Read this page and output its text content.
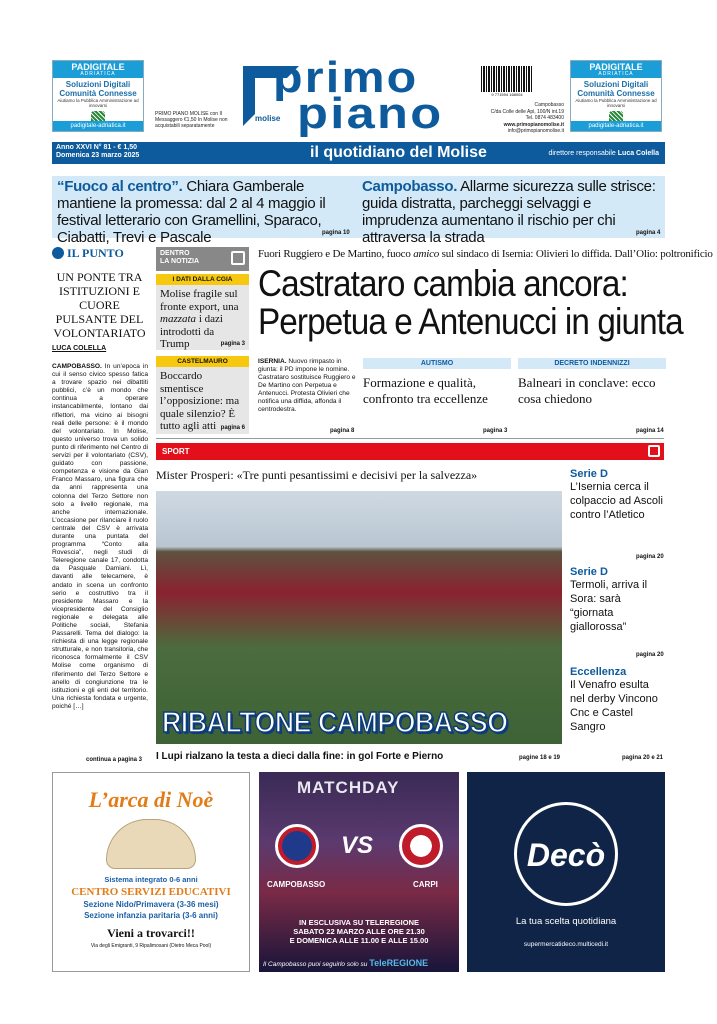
PADIGITALE
ADRIATICA
Soluzioni Digitali
Comunità Connesse
Aiutiamo la Pubblica Amministrazione ad innovarsi
padigitale-adriatica.it
PADIGITALE
ADRIATICA
Soluzioni Digitali
Comunità Connesse
Aiutiamo la Pubblica Amministrazione ad innovarsi
padigitale-adriatica.it
primo
piano
molise
PRIMO PIANO MOLISE con Il Messaggero €1,50 In Molise non acquistabili separatamente
9 771594 168004
Campobasso
C/da Colle delle Api, 100/N int.19
Tel. 0874 483400
www.primopianomolise.it
info@primopianomolise.it
Anno XXVI N° 81 - € 1,50
Domenica 23 marzo 2025	il quotidiano del Molise	direttore responsabile Luca Colella
“Fuoco al centro”. Chiara Gamberale mantiene la promessa: dal 2 al 4 maggio il festival letterario con Gramellini, Sparaco, Ciabatti, Trevi e Pascale	pagina 10
Campobasso. Allarme sicurezza sulle strisce: guida distratta, parcheggi selvaggi e imprudenza aumentano il rischio per chi attraversa la strada	pagina 4
IL PUNTO
UN PONTE TRA ISTITUZIONI E CUORE PULSANTE DEL VOLONTARIATO
LUCA COLELLA
CAMPOBASSO. In un’epoca in cui il senso civico spesso fatica a trovare spazio nei dibattiti pubblici, c’è un mondo che continua a operare instancabilmente, lontano dai riflettori, ma vicino ai bisogni reali delle persone: è il mondo del volontariato. In Molise, questo universo trova un solido punto di riferimento nel Centro di servizi per il volontariato (CSV), guidato con passione, competenza e visione da Gian Franco Massaro, una figura che da anni rappresenta una colonna del Terzo Settore non solo a livello regionale, ma anche internazionale. L’occasione per rilanciare il ruolo centrale del CSV è arrivata durante una puntata del programma “Conto alla Rovescia”, negli studi di Teleregione canale 17, condotta da Pasquale Damiani. Lì, davanti alle telecamere, è andato in scena un confronto serio e costruttivo tra il presidente Massaro e la vicepresidente del Consiglio regionale e delegata alle Politiche sociali, Stefania Passarelli. Tema del dialogo: la richiesta di una legge regionale strutturale, e non transitoria, che riconosca formalmente il CSV Molise come organismo di riferimento del Terzo Settore e anello di congiunzione tra le istituzioni e gli enti del territorio. Una richiesta fondata e urgente, poiché […]
continua a pagina 3
DENTRO
LA NOTIZIA
I DATI DALLA CGIA
Molise fragile sul fronte export, una mazzata i dazi introdotti da Trump	pagina 3
CASTELMAURO
Boccardo smentisce l’opposizione: ma quale silenzio? È tutto agli atti pagina 6
Fuori Ruggiero e De Martino, fuoco amico sul sindaco di Isernia: Olivieri lo diffida. Dall’Olio: poltronificio
Castrataro cambia ancora:
Perpetua e Antenucci in giunta
ISERNIA. Nuovo rimpasto in giunta: il PD impone le nomine. Castrataro sostituisce Ruggiero e De Martino con Perpetua e Antenucci. Protesta Olivieri che notifica una diffida, affonda il centrodestra.
pagina 8
AUTISMO
Formazione e qualità, confronto tra eccellenze
pagina 3
DECRETO INDENNIZZI
Balneari in conclave: ecco cosa chiedono
pagina 14
SPORT
Mister Prosperi: «Tre punti pesantissimi e decisivi per la salvezza»
RIBALTONE CAMPOBASSO
I Lupi rialzano la testa a dieci dalla fine: in gol Forte e Pierno	pagine 18 e 19
Serie D
L’Isernia cerca il colpaccio ad Ascoli contro l’Atletico
pagina 20
Serie D
Termoli, arriva il Sora: sarà “giornata giallorossa”
pagina 20
Eccellenza
Il Venafro esulta nel derby Vincono Cnc e Castel Sangro
pagina 20 e 21
L’arca di Noè
Sistema integrato 0-6 anni
CENTRO SERVIZI EDUCATIVI
Sezione Nido/Primavera (3-36 mesi)
Sezione infanzia paritaria (3-6 anni)
Vieni a trovarci!!
Via degli Emigranti, 9 Ripalimosani (Dietro Meca Pool)
MATCHDAY
VS
CAMPOBASSO	CARPI
IN ESCLUSIVA SU TELEREGIONE
SABATO 22 MARZO ALLE ORE 21.30
E DOMENICA ALLE 11.00 E ALLE 15.00
Il Campobasso puoi seguirlo solo su TeleREGIONE
Decò
La tua scelta quotidiana
supermercatideco.multicedi.it
